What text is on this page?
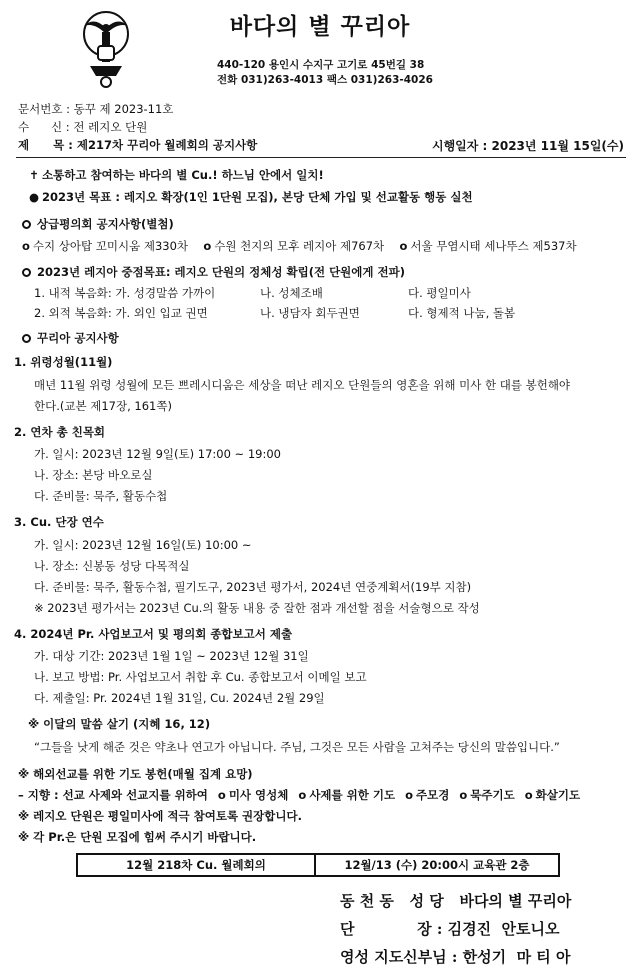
바다의 별 꾸리아
440-120 용인시 수지구 고기로 45번길 38
전화 031)263-4013 팩스 031)263-4026
문서번호 : 동꾸 제 2023-11호
수      신 : 전 레지오 단원
제      목 : 제217차 꾸리아 월례회의 공지사항	시행일자 : 2023년 11월 15일(수)
✝ 소통하고 참여하는 바다의 별 Cu.! 하느님 안에서 일치!
● 2023년 목표 : 레지오 확장(1인 1단원 모집), 본당 단체 가입 및 선교활동 행동 실천
상급평의회 공지사항(별첨)
o 수지 상아탑 꼬미시움 제330차 o 수원 천지의 모후 레지아 제767차 o 서울 무염시태 세나뚜스 제537차
2023년 레지아 중점목표: 레지오 단원의 정체성 확립(전 단원에게 전파)
1. 내적 복음화: 가. 성경말씀 가까이	나. 성체조배	다. 평일미사
2. 외적 복음화: 가. 외인 입교 권면	나. 냉담자 회두권면	다. 형제적 나눔, 돌봄
꾸리아 공지사항
1. 위령성월(11월)
매년 11월 위령 성월에 모든 쁘레시디움은 세상을 떠난 레지오 단원들의 영혼을 위해 미사 한 대를 봉헌해야
한다.(교본 제17장, 161쪽)
2. 연차 총 친목회
가. 일시: 2023년 12월 9일(토) 17:00 ~ 19:00
나. 장소: 본당 바오로실
다. 준비물: 묵주, 활동수첩
3. Cu. 단장 연수
가. 일시: 2023년 12월 16일(토) 10:00 ~
나. 장소: 신봉동 성당 다목적실
다. 준비물: 묵주, 활동수첩, 필기도구, 2023년 평가서, 2024년 연중계획서(19부 지참)
※ 2023년 평가서는 2023년 Cu.의 활동 내용 중 잘한 점과 개선할 점을 서술형으로 작성
4. 2024년 Pr. 사업보고서 및 평의회 종합보고서 제출
가. 대상 기간: 2023년 1월 1일 ~ 2023년 12월 31일
나. 보고 방법: Pr. 사업보고서 취합 후 Cu. 종합보고서 이메일 보고
다. 제출일: Pr. 2024년 1월 31일, Cu. 2024년 2월 29일
※ 이달의 말씀 살기 (지혜 16, 12)
“그들을 낫게 해준 것은 약초나 연고가 아닙니다. 주님, 그것은 모든 사람을 고쳐주는 당신의 말씀입니다.”
※ 해외선교를 위한 기도 봉헌(매월 집계 요망)
– 지향 : 선교 사제와 선교지를 위하여 o 미사 영성체 o 사제를 위한 기도 o 주모경 o 묵주기도 o 화살기도
※ 레지오 단원은 평일미사에 적극 참여토록 권장합니다.
※ 각 Pr.은 단원 모집에 힘써 주시기 바랍니다.
12월 218차 Cu. 월례회의	12월/13 (수) 20:00시 교육관 2층
동 천 동   성 당   바다의 별 꾸리아
단            장 : 김경진  안토니오
영성 지도신부님 : 한성기  마 티 아
